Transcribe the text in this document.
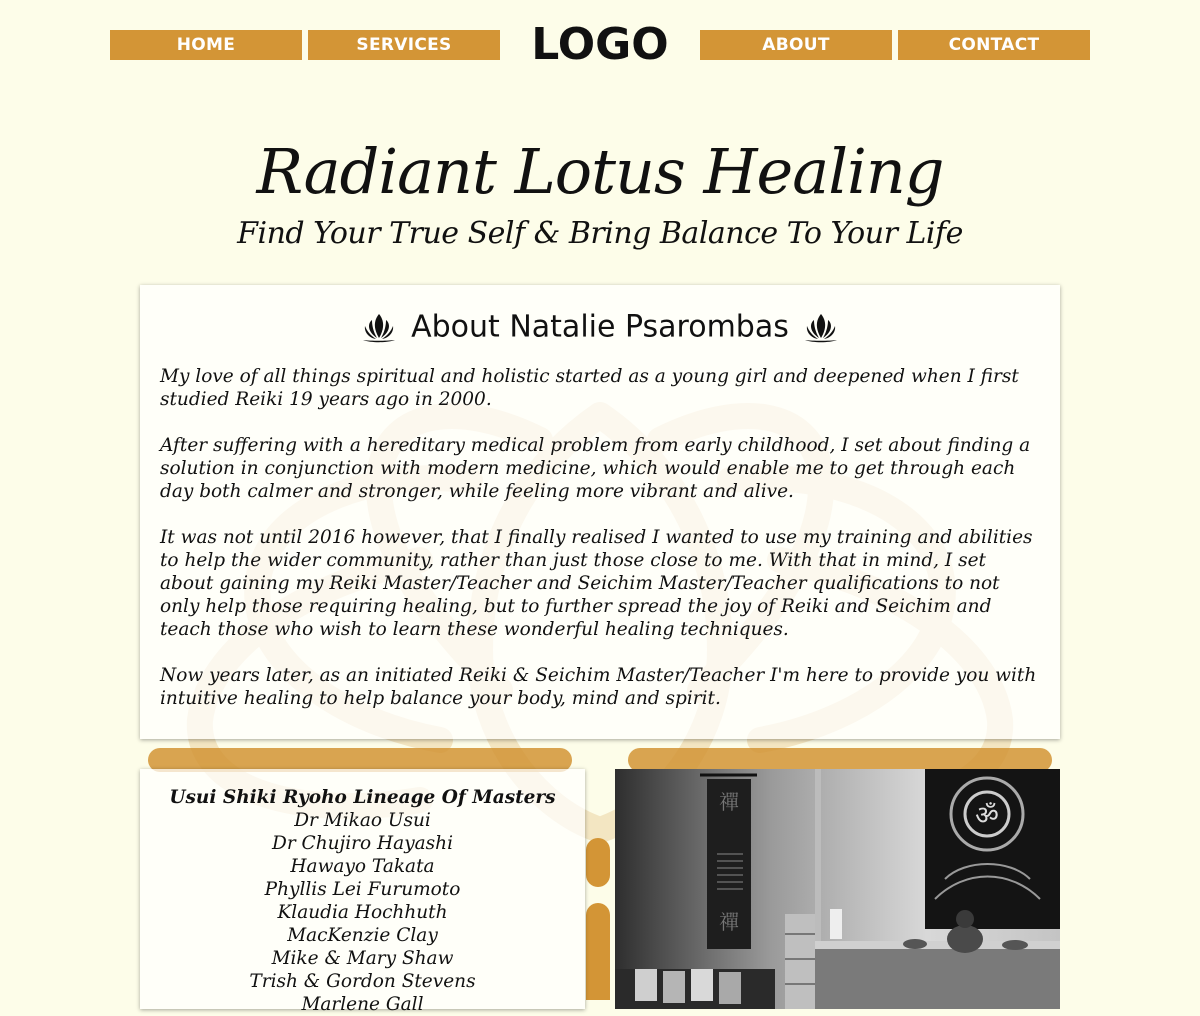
HOME	SERVICES	LOGO	ABOUT	CONTACT
Radiant Lotus Healing
Find Your True Self & Bring Balance To Your Life
About Natalie Psarombas

My love of all things spiritual and holistic started as a young girl and deepened when I first studied Reiki 19 years ago in 2000.

After suffering with a hereditary medical problem from early childhood, I set about finding a solution in conjunction with modern medicine, which would enable me to get through each day both calmer and stronger, while feeling more vibrant and alive.

It was not until 2016 however, that I finally realised I wanted to use my training and abilities to help the wider community, rather than just those close to me. With that in mind, I set about gaining my Reiki Master/Teacher and Seichim Master/Teacher qualifications to not only help those requiring healing, but to further spread the joy of Reiki and Seichim and teach those who wish to learn these wonderful healing techniques.

Now years later, as an initiated Reiki & Seichim Master/Teacher I'm here to provide you with intuitive healing to help balance your body, mind and spirit.

Usui Shiki Ryoho Lineage Of Masters
Dr Mikao Usui
Dr Chujiro Hayashi
Hawayo Takata
Phyllis Lei Furumoto
Klaudia Hochhuth
MacKenzie Clay
Mike & Mary Shaw
Trish & Gordon Stevens
Marlene Gall
禪
禪
ॐ
